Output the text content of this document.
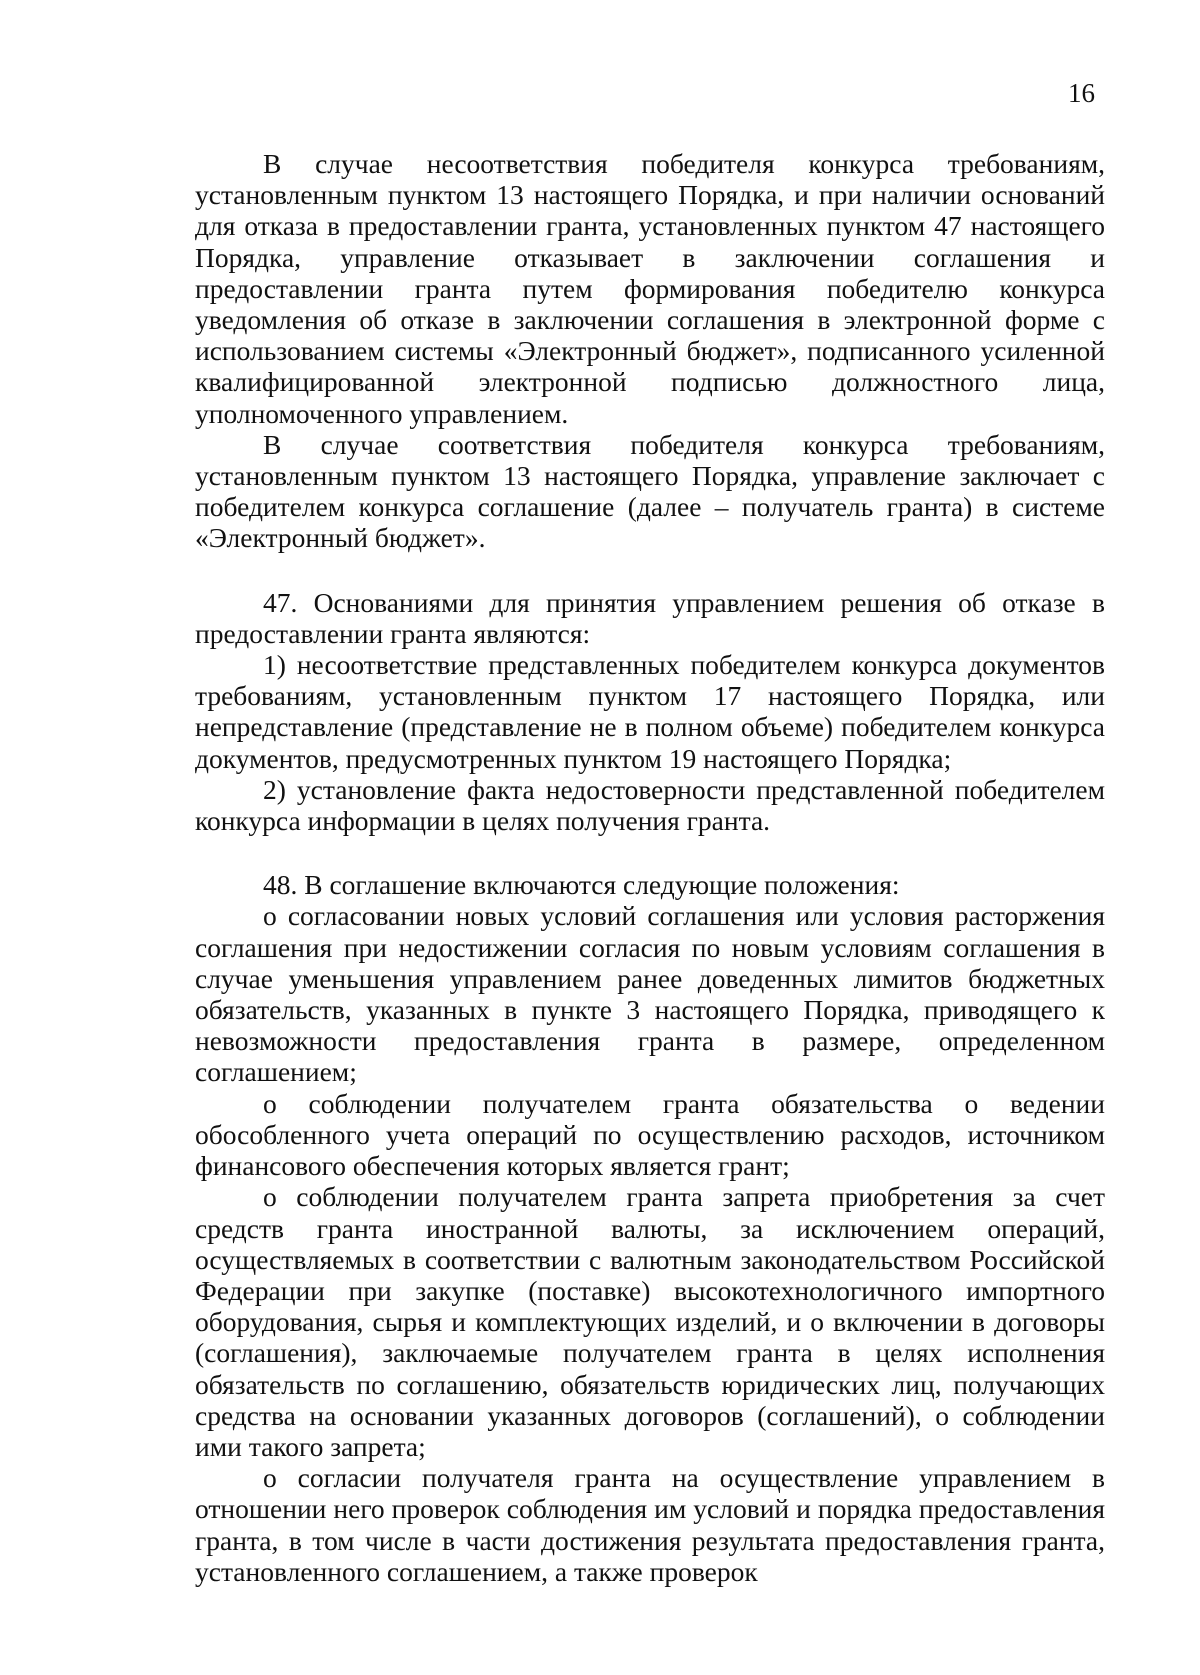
16

В случае несоответствия победителя конкурса требованиям, установленным пунктом 13 настоящего Порядка, и при наличии оснований для отказа в предоставлении гранта, установленных пунктом 47 настоящего Порядка, управление отказывает в заключении соглашения и предоставлении гранта путем формирования победителю конкурса уведомления об отказе в заключении соглашения в электронной форме с использованием системы «Электронный бюджет», подписанного усиленной квалифицированной электронной подписью должностного лица, уполномоченного управлением.

В случае соответствия победителя конкурса требованиям, установленным пунктом 13 настоящего Порядка, управление заключает с победителем конкурса соглашение (далее – получатель гранта) в системе «Электронный бюджет».

47. Основаниями для принятия управлением решения об отказе в предоставлении гранта являются:

1) несоответствие представленных победителем конкурса документов требованиям, установленным пунктом 17 настоящего Порядка, или непредставление (представление не в полном объеме) победителем конкурса документов, предусмотренных пунктом 19 настоящего Порядка;

2) установление факта недостоверности представленной победителем конкурса информации в целях получения гранта.

48. В соглашение включаются следующие положения:

о согласовании новых условий соглашения или условия расторжения соглашения при недостижении согласия по новым условиям соглашения в случае уменьшения управлением ранее доведенных лимитов бюджетных обязательств, указанных в пункте 3 настоящего Порядка, приводящего к невозможности предоставления гранта в размере, определенном соглашением;

о соблюдении получателем гранта обязательства о ведении обособленного учета операций по осуществлению расходов, источником финансового обеспечения которых является грант;

о соблюдении получателем гранта запрета приобретения за счет средств гранта иностранной валюты, за исключением операций, осуществляемых в соответствии с валютным законодательством Российской Федерации при закупке (поставке) высокотехнологичного импортного оборудования, сырья и комплектующих изделий, и о включении в договоры (соглашения), заключаемые получателем гранта в целях исполнения обязательств по соглашению, обязательств юридических лиц, получающих средства на основании указанных договоров (соглашений), о соблюдении ими такого запрета;

о согласии получателя гранта на осуществление управлением в отношении него проверок соблюдения им условий и порядка предоставления гранта, в том числе в части достижения результата предоставления гранта, установленного соглашением, а также проверок
